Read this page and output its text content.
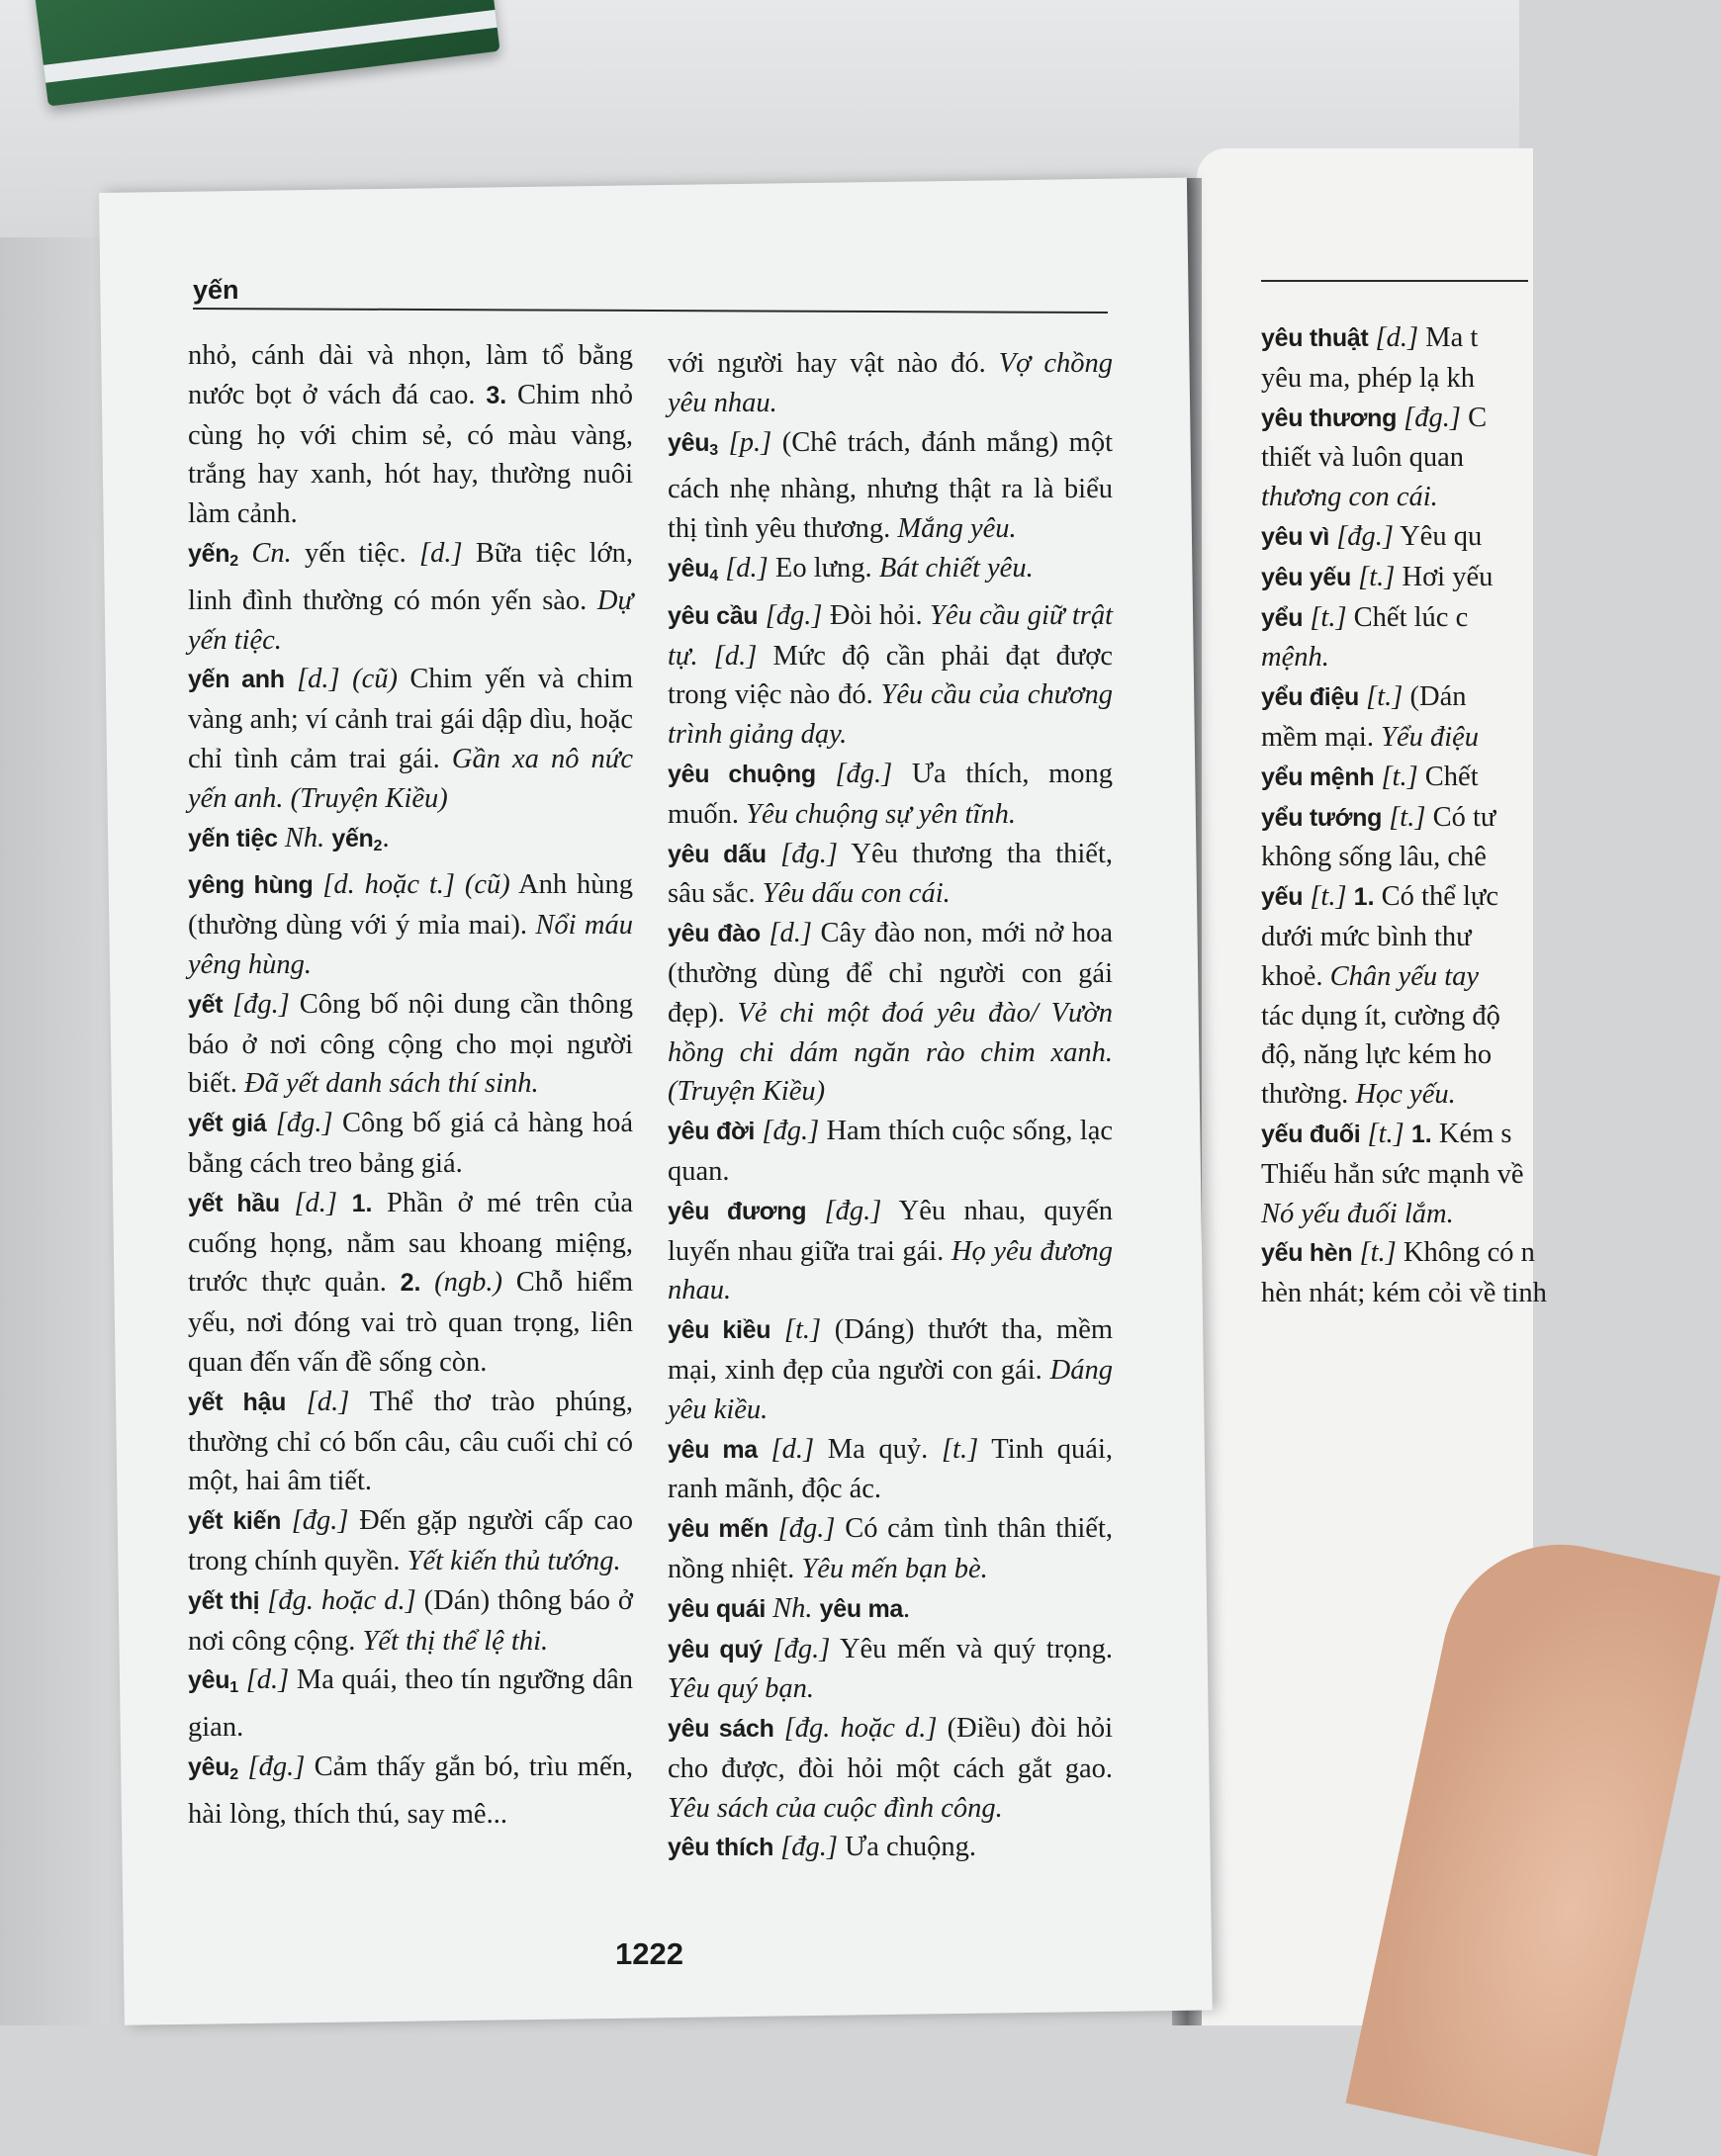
yến

nhỏ, cánh dài và nhọn, làm tổ bằng nước bọt ở vách đá cao. 3. Chim nhỏ cùng họ với chim sẻ, có màu vàng, trắng hay xanh, hót hay, thường nuôi làm cảnh.

yến$_2$ Cn. yến tiệc. [d.] Bữa tiệc lớn, linh đình thường có món yến sào. Dự yến tiệc.

yến anh [d.] (cũ) Chim yến và chim vàng anh; ví cảnh trai gái dập dìu, hoặc chỉ tình cảm trai gái. Gần xa nô nức yến anh. (Truyện Kiều)

yến tiệc Nh. yến$_2$.

yêng hùng [d. hoặc t.] (cũ) Anh hùng (thường dùng với ý mỉa mai). Nổi máu yêng hùng.

yết [đg.] Công bố nội dung cần thông báo ở nơi công cộng cho mọi người biết. Đã yết danh sách thí sinh.

yết giá [đg.] Công bố giá cả hàng hoá bằng cách treo bảng giá.

yết hầu [d.] 1. Phần ở mé trên của cuống họng, nằm sau khoang miệng, trước thực quản. 2. (ngb.) Chỗ hiểm yếu, nơi đóng vai trò quan trọng, liên quan đến vấn đề sống còn.

yết hậu [d.] Thể thơ trào phúng, thường chỉ có bốn câu, câu cuối chỉ có một, hai âm tiết.

yết kiến [đg.] Đến gặp người cấp cao trong chính quyền. Yết kiến thủ tướng.

yết thị [đg. hoặc d.] (Dán) thông báo ở nơi công cộng. Yết thị thể lệ thi.

yêu$_1$ [d.] Ma quái, theo tín ngưỡng dân gian.

yêu$_2$ [đg.] Cảm thấy gắn bó, trìu mến, hài lòng, thích thú, say mê...

với người hay vật nào đó. Vợ chồng yêu nhau.

yêu$_3$ [p.] (Chê trách, đánh mắng) một cách nhẹ nhàng, nhưng thật ra là biểu thị tình yêu thương. Mắng yêu.

yêu$_4$ [d.] Eo lưng. Bát chiết yêu.

yêu cầu [đg.] Đòi hỏi. Yêu cầu giữ trật tự. [d.] Mức độ cần phải đạt được trong việc nào đó. Yêu cầu của chương trình giảng dạy.

yêu chuộng [đg.] Ưa thích, mong muốn. Yêu chuộng sự yên tĩnh.

yêu dấu [đg.] Yêu thương tha thiết, sâu sắc. Yêu dấu con cái.

yêu đào [d.] Cây đào non, mới nở hoa (thường dùng để chỉ người con gái đẹp). Vẻ chi một đoá yêu đào/ Vườn hồng chi dám ngăn rào chim xanh. (Truyện Kiều)

yêu đời [đg.] Ham thích cuộc sống, lạc quan.

yêu đương [đg.] Yêu nhau, quyến luyến nhau giữa trai gái. Họ yêu đương nhau.

yêu kiều [t.] (Dáng) thướt tha, mềm mại, xinh đẹp của người con gái. Dáng yêu kiều.

yêu ma [d.] Ma quỷ. [t.] Tinh quái, ranh mãnh, độc ác.

yêu mến [đg.] Có cảm tình thân thiết, nồng nhiệt. Yêu mến bạn bè.

yêu quái Nh. yêu ma.

yêu quý [đg.] Yêu mến và quý trọng. Yêu quý bạn.

yêu sách [đg. hoặc d.] (Điều) đòi hỏi cho được, đòi hỏi một cách gắt gao. Yêu sách của cuộc đình công.

yêu thích [đg.] Ưa chuộng.

yêu thuật [d.] Ma t
yêu ma, phép lạ kh
yêu thương [đg.] C
thiết và luôn quan
thương con cái.
yêu vì [đg.] Yêu qu
yêu yếu [t.] Hơi yếu
yểu [t.] Chết lúc c
mệnh.
yểu điệu [t.] (Dán
mềm mại. Yểu điệu
yểu mệnh [t.] Chết
yểu tướng [t.] Có tư
không sống lâu, chê
yếu [t.] 1. Có thể lực
dưới mức bình thư
khoẻ. Chân yếu tay
tác dụng ít, cường độ
độ, năng lực kém ho
thường. Học yếu.
yếu đuối [t.] 1. Kém s
Thiếu hẳn sức mạnh về
Nó yếu đuối lắm.
yếu hèn [t.] Không có n
hèn nhát; kém cỏi về tinh
1222
